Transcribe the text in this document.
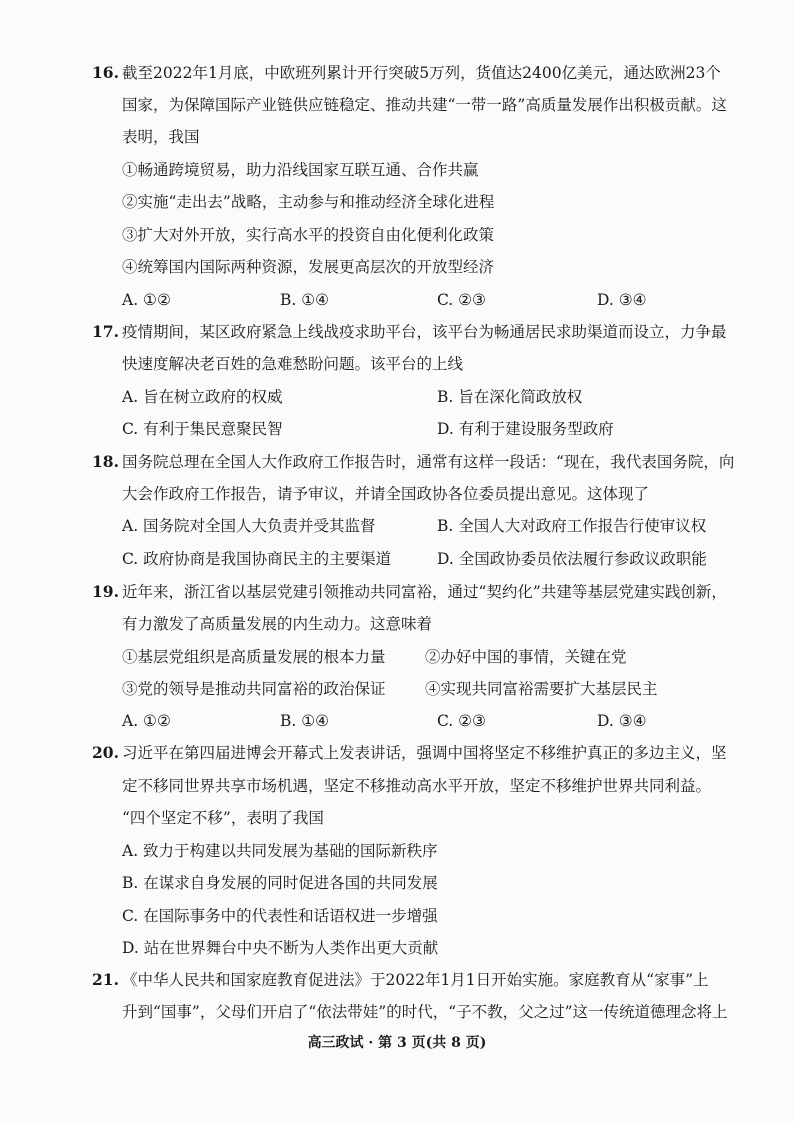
16. 截至2022年1月底，中欧班列累计开行突破5万列，货值达2400亿美元，通达欧洲23个
国家，为保障国际产业链供应链稳定、推动共建“一带一路”高质量发展作出积极贡献。这
表明，我国
①畅通跨境贸易，助力沿线国家互联互通、合作共赢
②实施“走出去”战略，主动参与和推动经济全球化进程
③扩大对外开放，实行高水平的投资自由化便利化政策
④统筹国内国际两种资源，发展更高层次的开放型经济
A. ①②	B. ①④	C. ②③	D. ③④
17. 疫情期间，某区政府紧急上线战疫求助平台，该平台为畅通居民求助渠道而设立，力争最
快速度解决老百姓的急难愁盼问题。该平台的上线
A. 旨在树立政府的权威	B. 旨在深化简政放权
C. 有利于集民意聚民智	D. 有利于建设服务型政府
18. 国务院总理在全国人大作政府工作报告时，通常有这样一段话：“现在，我代表国务院，向
大会作政府工作报告，请予审议，并请全国政协各位委员提出意见。这体现了
A. 国务院对全国人大负责并受其监督	B. 全国人大对政府工作报告行使审议权
C. 政府协商是我国协商民主的主要渠道	D. 全国政协委员依法履行参政议政职能
19. 近年来，浙江省以基层党建引领推动共同富裕，通过“契约化”共建等基层党建实践创新，
有力激发了高质量发展的内生动力。这意味着
①基层党组织是高质量发展的根本力量	②办好中国的事情，关键在党
③党的领导是推动共同富裕的政治保证	④实现共同富裕需要扩大基层民主
A. ①②	B. ①④	C. ②③	D. ③④
20. 习近平在第四届进博会开幕式上发表讲话，强调中国将坚定不移维护真正的多边主义，坚
定不移同世界共享市场机遇，坚定不移推动高水平开放，坚定不移维护世界共同利益。
“四个坚定不移”，表明了我国
A. 致力于构建以共同发展为基础的国际新秩序
B. 在谋求自身发展的同时促进各国的共同发展
C. 在国际事务中的代表性和话语权进一步增强
D. 站在世界舞台中央不断为人类作出更大贡献
21. 《中华人民共和国家庭教育促进法》于2022年1月1日开始实施。家庭教育从“家事”上
升到“国事”，父母们开启了“依法带娃”的时代，“子不教，父之过”这一传统道德理念将上
高三政试 · 第 3 页(共 8 页)
